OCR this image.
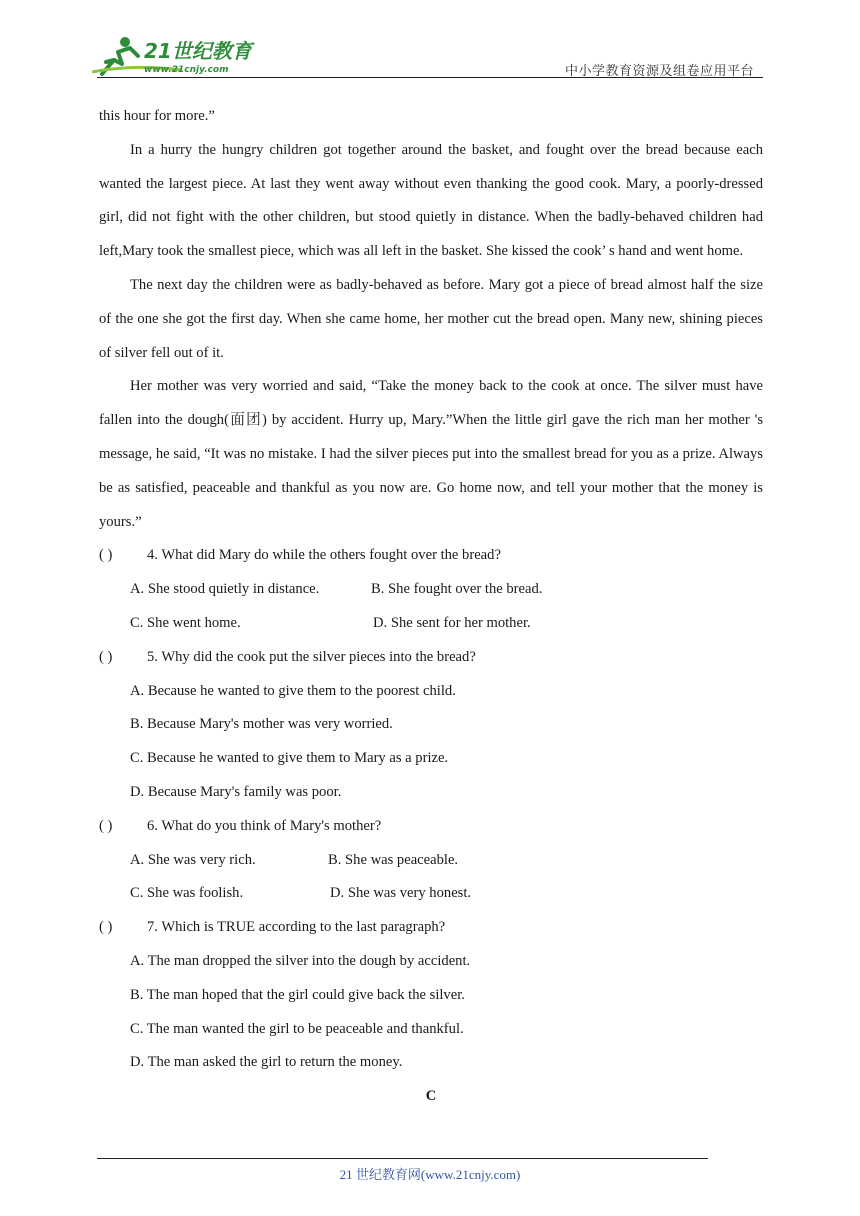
21世纪教育
www.21cnjy.com	中小学教育资源及组卷应用平台

this hour for more.”

In a hurry the hungry children got together around the basket, and fought over the bread because each wanted the largest piece. At last they went away without even thanking the good cook. Mary, a poorly-dressed girl, did not fight with the other children, but stood quietly in distance. When the badly-behaved children had left,Mary took the smallest piece, which was all left in the basket. She kissed the cook’ s hand and went home.

The next day the children were as badly-behaved as before. Mary got a piece of bread almost half the size of the one she got the first day. When she came home, her mother cut the bread open. Many new, shining pieces of silver fell out of it.

Her mother was very worried and said, “Take the money back to the cook at once. The silver must have fallen into the dough(面团) by accident. Hurry up, Mary.”When the little girl gave the rich man her mother 's message, he said, “It was no mistake. I had the silver pieces put into the smallest bread for you as a prize. Always be as satisfied, peaceable and thankful as you now are. Go home now, and tell your mother that the money is yours.”

( ) 4. What did Mary do while the others fought over the bread?

A. She stood quietly in distance.	B. She fought over the bread.
C. She went home.	D. She sent for her mother.

( ) 5. Why did the cook put the silver pieces into the bread?

A. Because he wanted to give them to the poorest child.

B. Because Mary's mother was very worried.

C. Because he wanted to give them to Mary as a prize.

D. Because Mary's family was poor.

( ) 6. What do you think of Mary's mother?

A. She was very rich.	B. She was peaceable.
C. She was foolish.	D. She was very honest.

( ) 7. Which is TRUE according to the last paragraph?

A. The man dropped the silver into the dough by accident.

B. The man hoped that the girl could give back the silver.

C. The man wanted the girl to be peaceable and thankful.

D. The man asked the girl to return the money.

C

21 世纪教育网(www.21cnjy.com)
